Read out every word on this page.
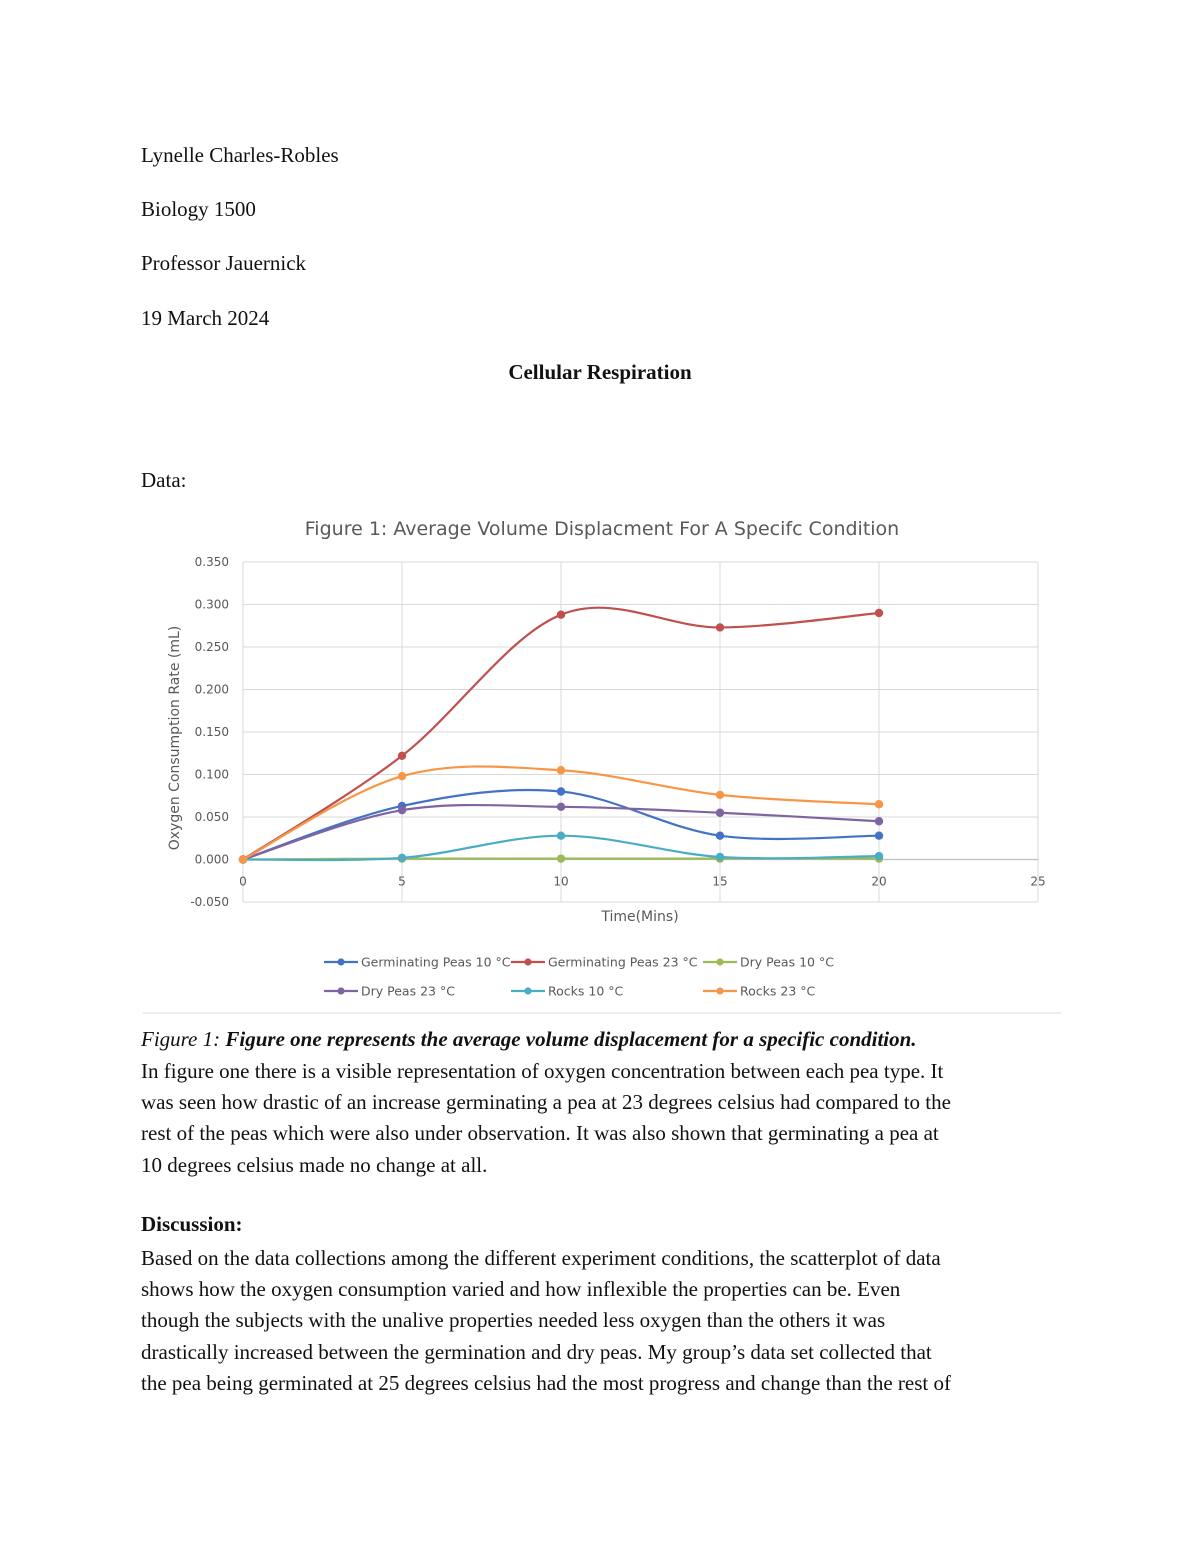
Lynelle Charles-Robles
Biology 1500
Professor Jauernick
19 March 2024
Cellular Respiration
Data:
Figure 1: Average Volume Displacment For A Specifc Condition
-0.050
0.000
0.050
0.100
0.150
0.200
0.250
0.300
0.350
0	5	10	15	20	25
Time(Mins)
Oxygen Consumption Rate (mL)
Germinating Peas 10 °C	Germinating Peas 23 °C	Dry Peas 10 °C
Dry Peas 23 °C	Rocks 10 °C	Rocks 23 °C
Figure 1: Figure one represents the average volume displacement for a specific condition.
In figure one there is a visible representation of oxygen concentration between each pea type. It
was seen how drastic of an increase germinating a pea at 23 degrees celsius had compared to the
rest of the peas which were also under observation. It was also shown that germinating a pea at
10 degrees celsius made no change at all.
Discussion:
Based on the data collections among the different experiment conditions, the scatterplot of data
shows how the oxygen consumption varied and how inflexible the properties can be. Even
though the subjects with the unalive properties needed less oxygen than the others it was
drastically increased between the germination and dry peas. My group’s data set collected that
the pea being germinated at 25 degrees celsius had the most progress and change than the rest of
